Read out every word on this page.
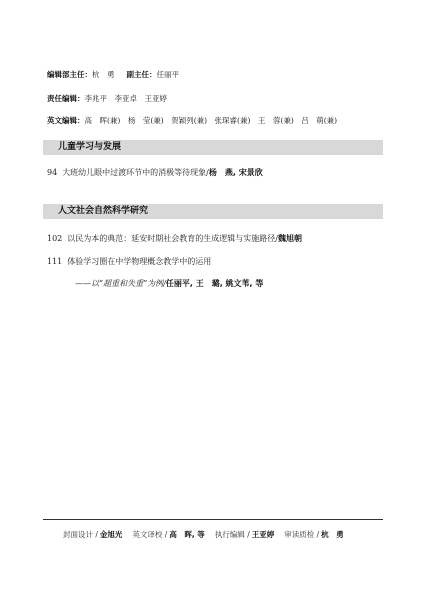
编辑部主任： 杭　勇 副主任： 任丽平
责任编辑： 李兆平　李亚卓　王亚婷
英文编辑： 高　晖(兼)　杨　莹(兼)　贺颖列(兼)　张琛睿(兼)　王　蓉(兼)　吕　萌(兼)
儿童学习与发展
94 大班幼儿眼中过渡环节中的消极等待现象/ 杨　燕, 宋景欣
人文社会自然科学研究
102 以民为本的典范：延安时期社会教育的生成逻辑与实施路径/ 魏旭朝
111 体验学习圈在中学物理概念教学中的运用
—— 以“超重和失重”为例/ 任丽平, 王　璐, 姚文苇, 等
封面设计 / 金旭光 英文译校 / 高　晖, 等 执行编辑 / 王亚婷 审读质检 / 杭　勇
